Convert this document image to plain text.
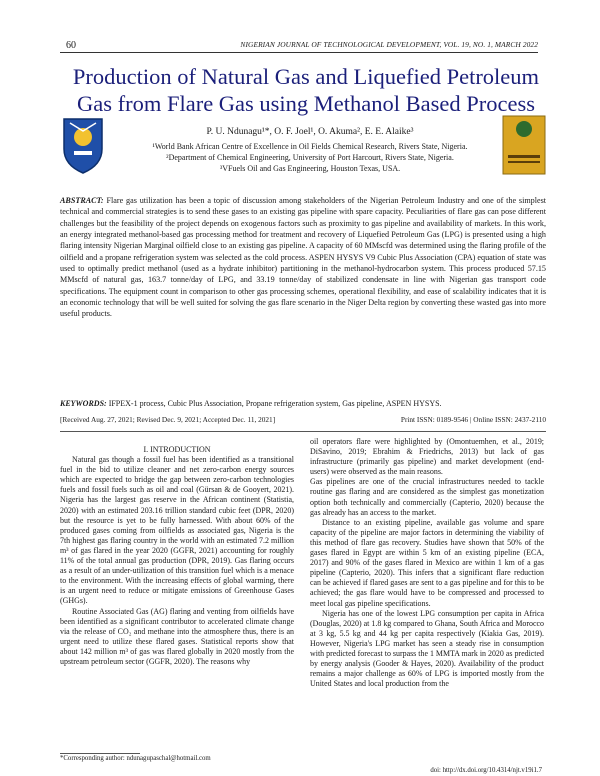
60	NIGERIAN JOURNAL OF TECHNOLOGICAL DEVELOPMENT, VOL. 19, NO. 1, MARCH 2022
Production of Natural Gas and Liquefied Petroleum Gas from Flare Gas using Methanol Based Process
P. U. Ndunagu¹*, O. F. Joel¹, O. Akuma², E. E. Alaike³
¹World Bank African Centre of Excellence in Oil Fields Chemical Research, Rivers State, Nigeria.
²Department of Chemical Engineering, University of Port Harcourt, Rivers State, Nigeria.
³VFuels Oil and Gas Engineering, Houston Texas, USA.
ABSTRACT: Flare gas utilization has been a topic of discussion among stakeholders of the Nigerian Petroleum Industry and one of the simplest technical and commercial strategies is to send these gases to an existing gas pipeline with spare capacity. Peculiarities of flare gas can pose different challenges but the feasibility of the project depends on exogenous factors such as proximity to gas pipeline and availability of markets. In this work, an energy integrated methanol-based gas processing method for treatment and recovery of Liquefied Petroleum Gas (LPG) is presented using a high flaring intensity Nigerian Marginal oilfield close to an existing gas pipeline. A capacity of 60 MMscfd was determined using the flaring profile of the oilfield and a propane refrigeration system was selected as the cold process. ASPEN HYSYS V9 Cubic Plus Association (CPA) equation of state was used to optimally predict methanol (used as a hydrate inhibitor) partitioning in the methanol-hydrocarbon system. This process produced 57.15 MMscfd of natural gas, 163.7 tonne/day of LPG, and 33.19 tonne/day of stabilized condensate in line with Nigerian gas transport code specifications. The equipment count in comparison to other gas processing schemes, operational flexibility, and ease of scalability indicates that it is an economic technology that will be well suited for solving the gas flare scenario in the Niger Delta region by converting these wasted gas into more useful products.
KEYWORDS: IFPEX-1 process, Cubic Plus Association, Propane refrigeration system, Gas pipeline, ASPEN HYSYS.
[Received Aug. 27, 2021; Revised Dec. 9, 2021; Accepted Dec. 11, 2021]	Print ISSN: 0189-9546 | Online ISSN: 2437-2110

I. INTRODUCTION

Natural gas though a fossil fuel has been identified as a transitional fuel in the bid to utilize cleaner and net zero-carbon energy sources which are expected to bridge the gap between zero-carbon technologies fuels and fossil fuels such as oil and coal (Gürsan & de Gooyert, 2021). Nigeria has the largest gas reserve in the African continent (Statistia, 2020) with an estimated 203.16 trillion standard cubic feet (DPR, 2020) but the resource is yet to be fully harnessed. With about 60% of the produced gases coming from oilfields as associated gas, Nigeria is the 7th highest gas flaring country in the world with an estimated 7.2 million m³ of gas flared in the year 2020 (GGFR, 2021) accounting for roughly 11% of the total annual gas production (DPR, 2019). Gas flaring occurs as a result of an under-utilization of this transition fuel which is a menace to the environment. With the increasing effects of global warming, there is an urgent need to reduce or mitigate emissions of Greenhouse Gases (GHGs).

Routine Associated Gas (AG) flaring and venting from oilfields have been identified as a significant contributor to accelerated climate change via the release of CO₂ and methane into the atmosphere thus, there is an urgent need to utilize these flared gases. Statistical reports show that about 142 million m³ of gas was flared globally in 2020 mostly from the upstream petroleum sector (GGFR, 2020). The reasons why

oil operators flare were highlighted by (Omontuemhen, et al., 2019; DiSavino, 2019; Ebrahim & Friedrichs, 2013) but lack of gas infrastructure (primarily gas pipeline) and market development (end-users) were observed as the main reasons.

Gas pipelines are one of the crucial infrastructures needed to tackle routine gas flaring and are considered as the simplest gas monetization option both technically and commercially (Capterio, 2020) because the gas already has an access to the market.

Distance to an existing pipeline, available gas volume and spare capacity of the pipeline are major factors in determining the viability of this method of flare gas recovery. Studies have shown that 50% of the gases flared in Egypt are within 5 km of an existing pipeline (ECA, 2017) and 90% of the gases flared in Mexico are within 1 km of a gas pipeline (Capterio, 2020). This infers that a significant flare reduction can be achieved if flared gases are sent to a gas pipeline and for this to be achieved; the gas flare would have to be compressed and processed to meet local gas pipeline specifications.

Nigeria has one of the lowest LPG consumption per capita in Africa (Douglas, 2020) at 1.8 kg compared to Ghana, South Africa and Morocco at 3 kg, 5.5 kg and 44 kg per capita respectively (Kiakia Gas, 2019). However, Nigeria's LPG market has seen a steady rise in consumption with predicted forecast to surpass the 1 MMTA mark in 2020 as predicted by energy analysis (Gooder & Hayes, 2020). Availability of the product remains a major challenge as 60% of LPG is imported mostly from the United States and local production from the

*Corresponding author: ndunagupaschal@hotmail.com
doi: http://dx.doi.org/10.4314/njt.v19i1.7
